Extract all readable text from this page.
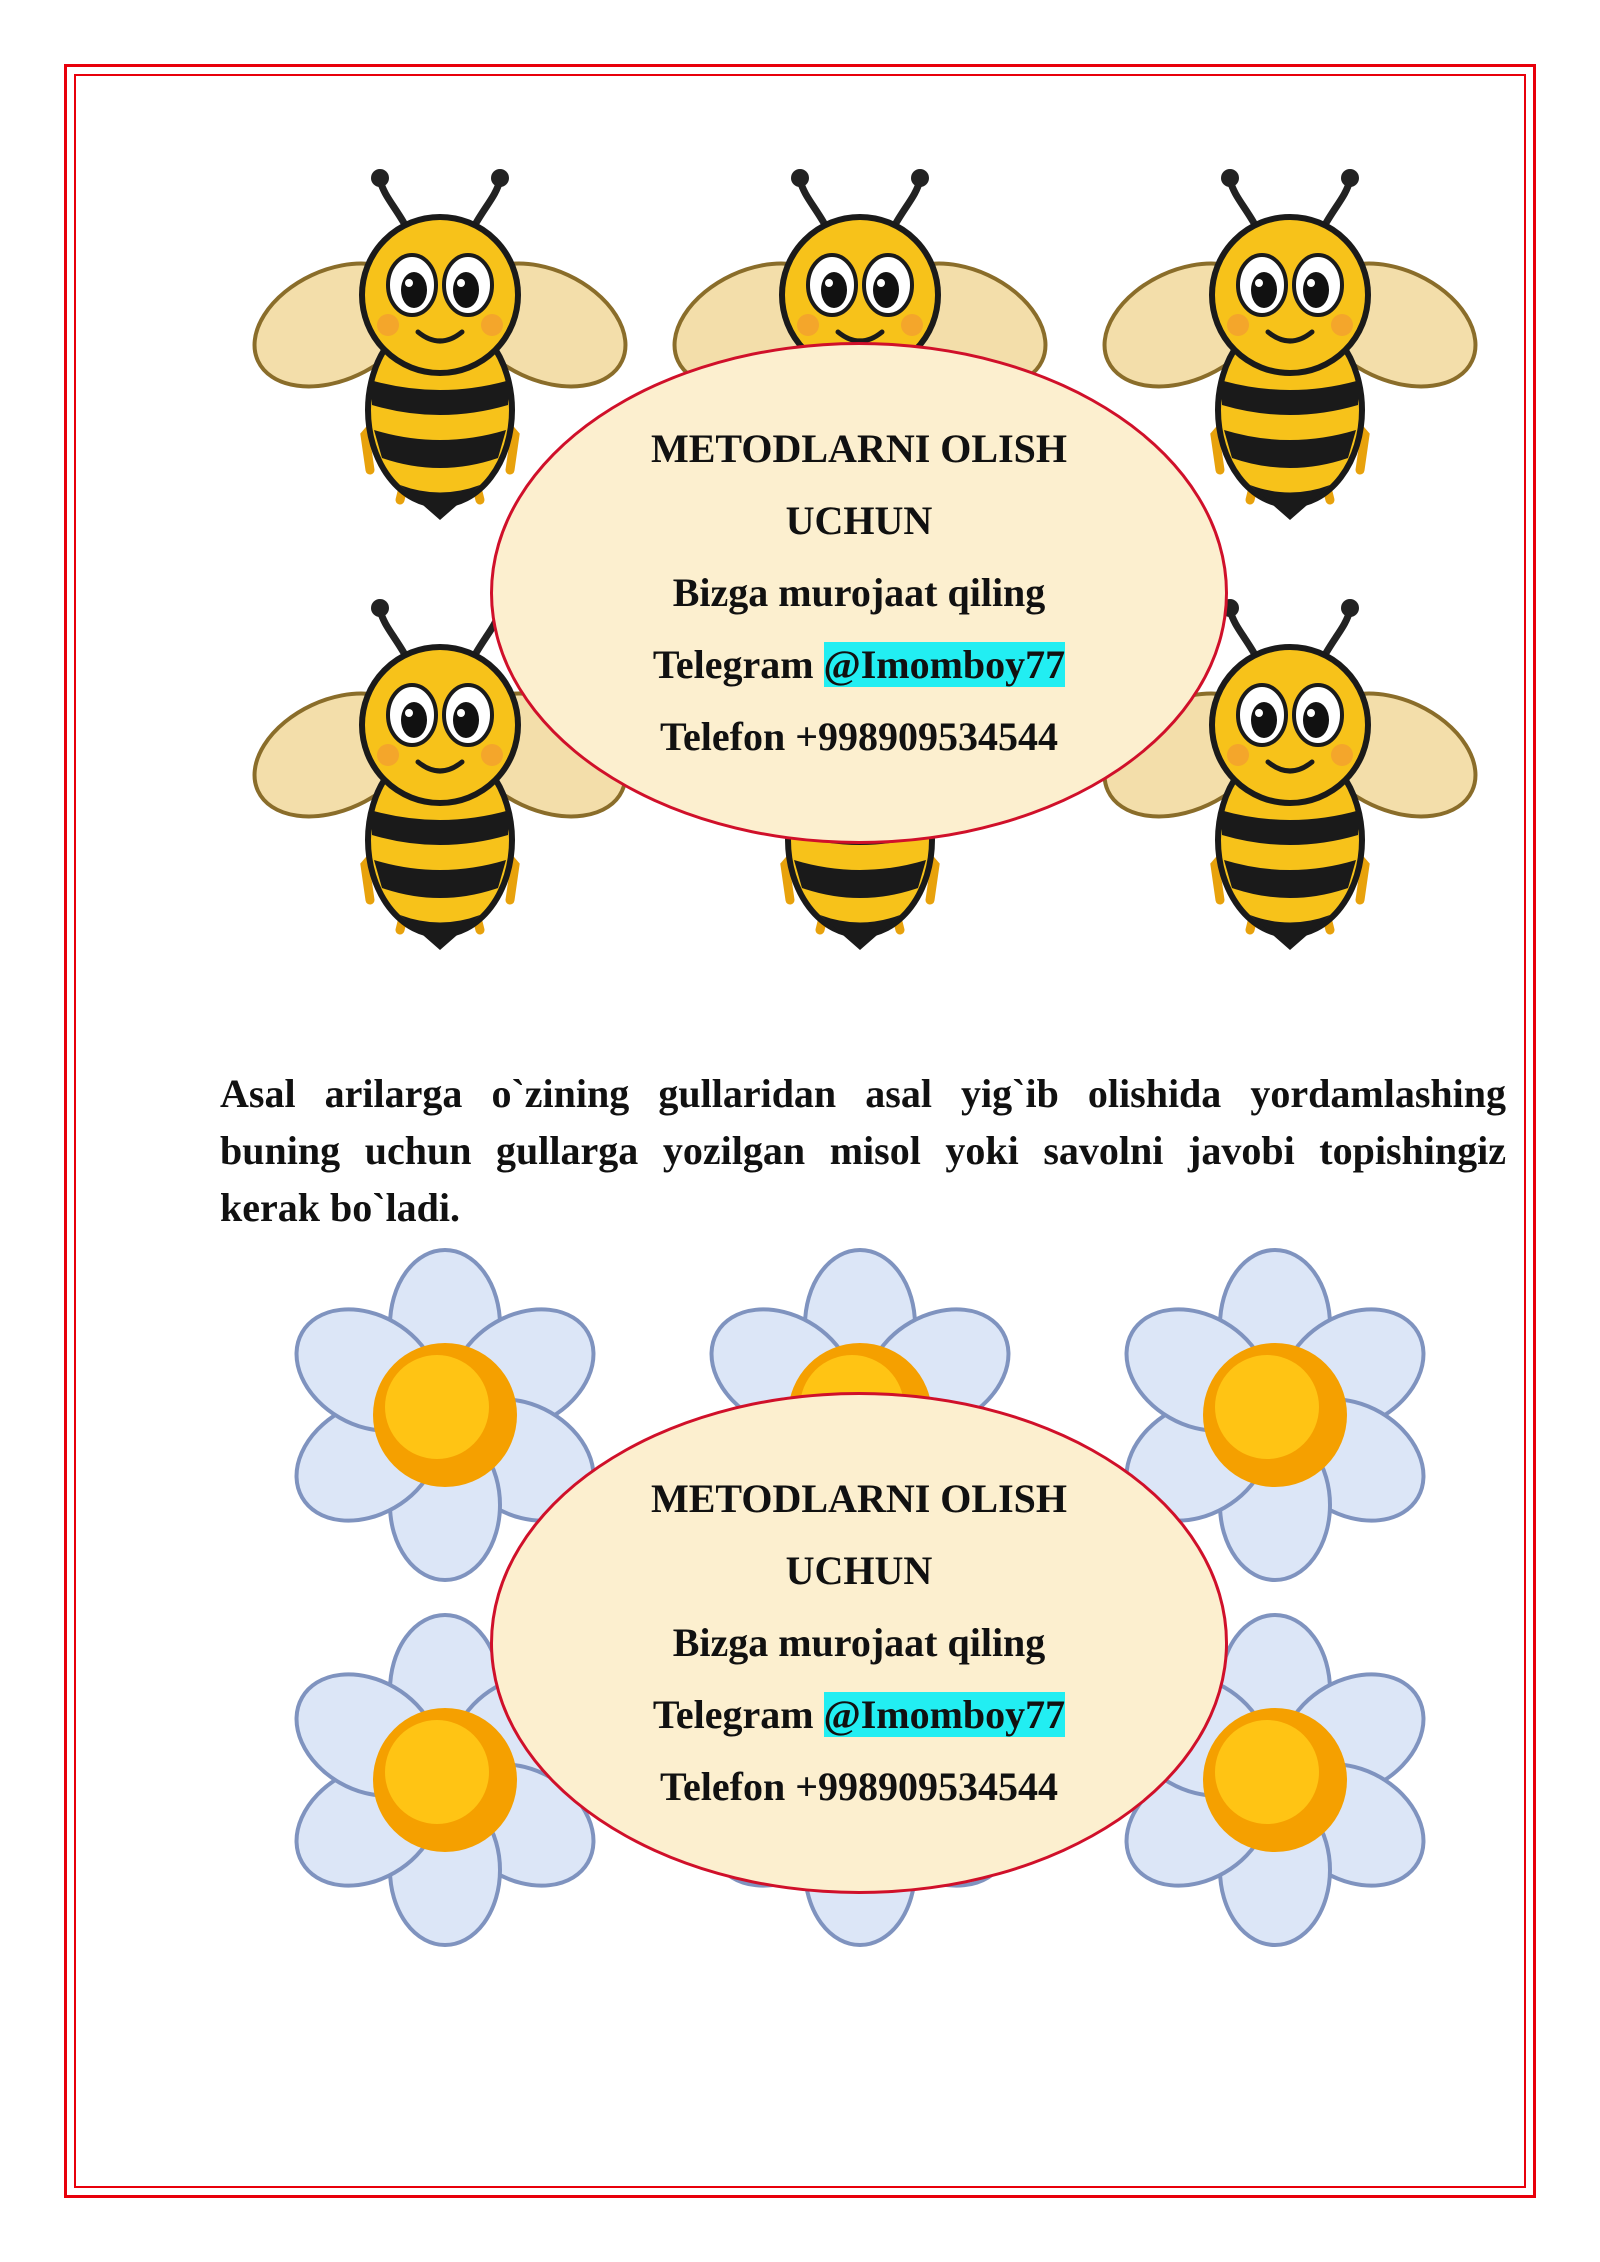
METODLARNI OLISH
UCHUN
Bizga murojaat qiling
Telegram @Imomboy77
Telefon +998909534544
Asal arilarga o`zining gullaridan asal yig`ib olishida yordamlashing
buning uchun gullarga yozilgan misol yoki savolni javobi topishingiz
kerak bo`ladi.
METODLARNI OLISH
UCHUN
Bizga murojaat qiling
Telegram @Imomboy77
Telefon +998909534544
